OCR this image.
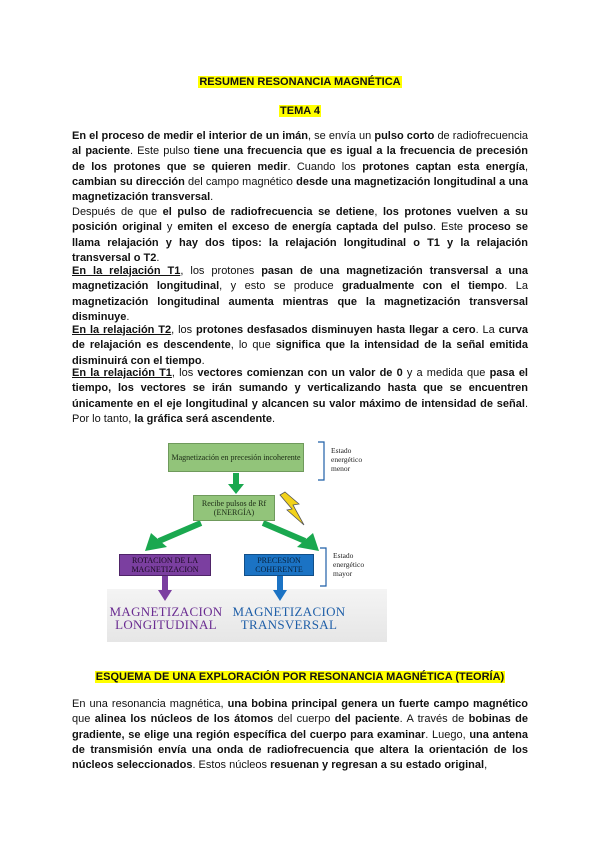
RESUMEN RESONANCIA MAGNÉTICA
TEMA 4
En el proceso de medir el interior de un imán, se envía un pulso corto de radiofrecuencia al paciente. Este pulso tiene una frecuencia que es igual a la frecuencia de precesión de los protones que se quieren medir. Cuando los protones captan esta energía, cambian su dirección del campo magnético desde una magnetización longitudinal a una magnetización transversal.
Después de que el pulso de radiofrecuencia se detiene, los protones vuelven a su posición original y emiten el exceso de energía captada del pulso. Este proceso se llama relajación y hay dos tipos: la relajación longitudinal o T1 y la relajación transversal o T2.
En la relajación T1, los protones pasan de una magnetización transversal a una magnetización longitudinal, y esto se produce gradualmente con el tiempo. La magnetización longitudinal aumenta mientras que la magnetización transversal disminuye.
En la relajación T2, los protones desfasados disminuyen hasta llegar a cero. La curva de relajación es descendente, lo que significa que la intensidad de la señal emitida disminuirá con el tiempo.
En la relajación T1, los vectores comienzan con un valor de 0 y a medida que pasa el tiempo, los vectores se irán sumando y verticalizando hasta que se encuentren únicamente en el eje longitudinal y alcancen su valor máximo de intensidad de señal. Por lo tanto, la gráfica será ascendente.
Magnetización en precesión incoherente
Estado energético menor
Recibe pulsos de Rf (ENERGÍA)
ROTACION DE LA MAGNETIZACION
PRECESION COHERENTE
Estado energético mayor
MAGNETIZACION LONGITUDINAL
MAGNETIZACION TRANSVERSAL
ESQUEMA DE UNA EXPLORACIÓN POR RESONANCIA MAGNÉTICA (TEORÍA)
En una resonancia magnética, una bobina principal genera un fuerte campo magnético que alinea los núcleos de los átomos del cuerpo del paciente. A través de bobinas de gradiente, se elige una región específica del cuerpo para examinar. Luego, una antena de transmisión envía una onda de radiofrecuencia que altera la orientación de los núcleos seleccionados. Estos núcleos resuenan y regresan a su estado original,
